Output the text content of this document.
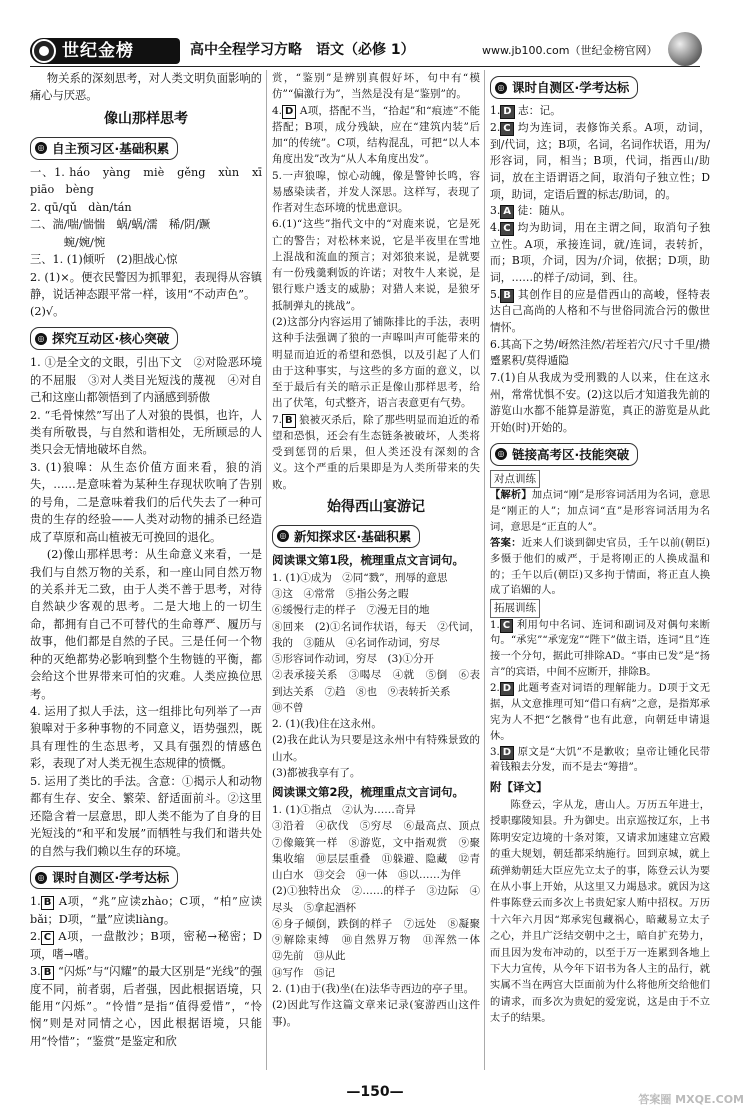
世纪金榜	高中全程学习方略　语文（必修 1）	www.jb100.com（世纪金榜官网）

物关系的深刻思考，对人类文明负面影响的痛心与厌恶。

像山那样思考
◎ 自主预习区·基础积累

一、1. háo　yàng　miè　gěng　xùn　xī　piāo　bèng

2. qū/qǔ　dàn/tán

二、湍/喘/惴惴　蜗/蜗/濡　稀/阴/蹶

　　　蜿/婉/惋

三、1. (1)倾听　(2)胆战心惊

2. (1)×。便衣民警因为抓罪犯，表现得从容镇静，说话神态跟平常一样，该用“不动声色”。

(2)√。

◎ 探究互动区·核心突破

1. ①是全文的文眼，引出下文　②对险恶环境的不屈服　③对人类目光短浅的蔑视　④对自己和这座山都领悟到了内涵感到骄傲

2. “毛骨悚然”写出了人对狼的畏惧，也许，人类有所敬畏，与自然和谐相处，无所顾忌的人类只会无情地破坏自然。

3. (1)狼嗥：从生态价值方面来看，狼的消失，……是意味着为某种生存现状吹响了告别的号角，二是意味着我们的后代失去了一种可贵的生存的经验——人类对动物的捕杀已经造成了草原和高山植被无可挽回的退化。

(2)像山那样思考：从生命意义来看，一是我们与自然万物的关系，和一座山同自然万物的关系并无二致，由于人类不善于思考，对待自然缺少客观的思考。二是大地上的一切生命，都拥有自己不可替代的生命尊严、履历与故事，他们都是自然的子民。三是任何一个物种的灭绝都势必影响到整个生物链的平衡，都会给这个世界带来可怕的灾难。人类应换位思考。

4. 运用了拟人手法，这一组排比句列举了一声狼嗥对于多种事物的不同意义，语势强烈，既具有理性的生态思考，又具有强烈的情感色彩，表现了对人类无视生态规律的愤慨。

5. 运用了类比的手法。含意：①揭示人和动物都有生存、安全、繁荣、舒适面前斗。②这里还隐含着一层意思，即人类不能为了自身的目光短浅的“和平和发展”而牺牲与我们和谐共处的自然与我们赖以生存的环境。

◎ 课时自测区·学考达标

1. B A项，“兆”应读zhào；C项，“柏”应读bǎi；D项，“量”应读liàng。

2. C A项，一盘散沙；B项，密秘→秘密；D项，嗜→嗜。

3. B “闪烁”与“闪耀”的最大区别是“光线”的强度不同，前者弱，后者强，因此根据语境，只能用“闪烁”。“怜惜”是指“值得爱惜”，“怜悯”则是对同情之心，因此根据语境，只能用“怜惜”；“鉴赏”是鉴定和欣

赏，“鉴别”是辨别真假好坏，句中有“模仿”“偏激行为”，当然是没有是“鉴别”的。

4. D A项，搭配不当，“拾起”和“痕迹”不能搭配；B项，成分残缺，应在“建筑内装”后加“的传统”。C项，结构混乱，可把“以人本角度出发”改为“从人本角度出发”。

5.一声狼嗥，惊心动魄，像是警钟长鸣，容易感染读者，并发人深思。这样写，表现了作者对生态环境的忧患意识。

6.(1)“这些”指代文中的“对鹿来说，它是死亡的警告；对松林来说，它是半夜里在雪地上混战和流血的预言；对郊狼来说，是就要有一份残羹剩饭的许诺；对牧牛人来说，是银行账户透支的威胁；对猎人来说，是狼牙抵制弹丸的挑战”。

(2)这部分内容运用了铺陈排比的手法，表明这种手法强调了狼的一声嗥叫声可能带来的明显而迫近的希望和恐惧，以及引起了人们由于这种事实，与这些的多方面的意义，以至于最后有关的暗示正是像山那样思考，给出了伏笔，句式整齐，语言表意更有气势。

7. B 狼被灭杀后，除了那些明显而迫近的希望和恐惧，还会有生态链条被破坏，人类将受到惩罚的后果，但人类还没有深刻的含义。这个严重的后果即是为人类所带来的失败。

始得西山宴游记
◎ 新知探求区·基础积累
阅读课文第1段，梳理重点文言词句。

1. (1)①成为　②同“戮”，刑辱的意思

③这　④常常　⑤指公务之暇

⑥缓慢行走的样子　⑦漫无目的地

⑧回来　(2)①名词作状语，每天　②代词，我的　③随从　④名词作动词，穷尽

⑤形容词作动词，穷尽　(3)①分开

②表承接关系　③喝尽　④就　⑤倒　⑥表到达关系　⑦趋　⑧也　⑨表转折关系

⑩不曾

2. (1)(我)住在这永州。

(2)我在此认为只要是这永州中有特殊景致的山水。

(3)都被我享有了。

阅读课文第2段，梳理重点文言词句。

1. (1)①指点　②认为……奇异

③沿着　④砍伐　⑤穷尽　⑥最高点、顶点　⑦像簸箕一样　⑧游览，文中指观赏　⑨聚集收缩　⑩层层重叠　⑪躲避、隐藏　⑫青山白水　⑬交会　⑭一体　⑮以……为伴

(2)①独特出众　②……的样子　③边际　④尽头　⑤拿起酒杯

⑥身子倾倒，跌倒的样子　⑦远处　⑧凝聚　⑨解除束缚　⑩自然界万物　⑪浑然一体　⑫先前　⑬从此

⑭写作　⑮记

2. (1)由于(我)坐(在)法华寺西边的亭子里。

(2)因此写作这篇文章来记录(宴游西山这件事)。

◎ 课时自测区·学考达标

1. D 志：记。

2. C 均为连词，表修饰关系。A项，动词，到/代词，这；B项，名词，名词作状语，用为/形容词，同，相当；B项，代词，指西山/助词，放在主语谓语之间，取消句子独立性；D项，助词，定语后置的标志/助词，的。

3. A 徒：随从。

4. C 均为助词，用在主谓之间，取消句子独立性。A项，承接连词，就/连词，表转折，而；B项，介词，因为/介词，依据；D项，助词，……的样子/动词，到、往。

5. B 其创作目的应是借西山的高峻，怪特表达自己高尚的人格和不与世俗同流合污的傲世情怀。

6.其高下之势/岈然洼然/若垤若穴/尺寸千里/攒蹙累积/莫得遁隐

7.(1)自从我成为受刑戮的人以来，住在这永州，常常忧惧不安。(2)这以后才知道我先前的游览山水都不能算是游览，真正的游览是从此开始(时)开始的。

◎ 链接高考区·技能突破
对点训练

【解析】加点词“刚”是形容词活用为名词，意思是“刚正的人”；加点词“直”是形容词活用为名词，意思是“正直的人”。

答案：近来人们谈到御史官员，壬午以前(朝臣)多慑于他们的威严，于是将刚正的人换成温和的；壬午以后(朝臣)又多拘于情面，将正直人换成了谄媚的人。

拓展训练

1. C 利用句中名词、连词和副词及对偶句来断句。“承宪”“承宠宠”“陛下”做主语，连词“且”连接一个分句，据此可排除AD。“事由已发”是“扬言”的宾语，中间不应断开，排除B。

2. D 此题考查对词语的理解能力。D项于文无据，从文意推理可知“借口有病”之意，是指郑承宪为人不把“乞骸骨”也有此意，向朝廷申请退休。

3. D 原文是“大饥”不是歉收；皇帝让锺化民带着钱粮去分发，而不是去“筹措”。

附【译文】

陈登云，字从龙，唐山人。万历五年进士，授职鄢陵知县。升为御史。出京巡按辽东，上书陈明安定边境的十条对策，又请求加速建立宫殿的重大规划，朝廷都采纳施行。回到京城，就上疏弹劾朝廷大臣应先立太子的事，陈登云认为要在从小事上开始，从这里又力竭恳求。就因为这件事陈登云而多次上书贵妃家人贿中招权。万历十六年六月因“郑承宪包藏祸心，暗藏易立太子之心，并且广泛结交朝中之士，暗自扩充势力，而且因为发布冲动的，以至于万一连累到各地上下大力宣传，从今年下诏书为各人主的品行，就实属不当在两宫大臣面前为什么将他所交给他们的请求，而多次为贵妃的爱宠说，这是由于不立太子的结果。

—150—	答案圈 MXQE.COM
